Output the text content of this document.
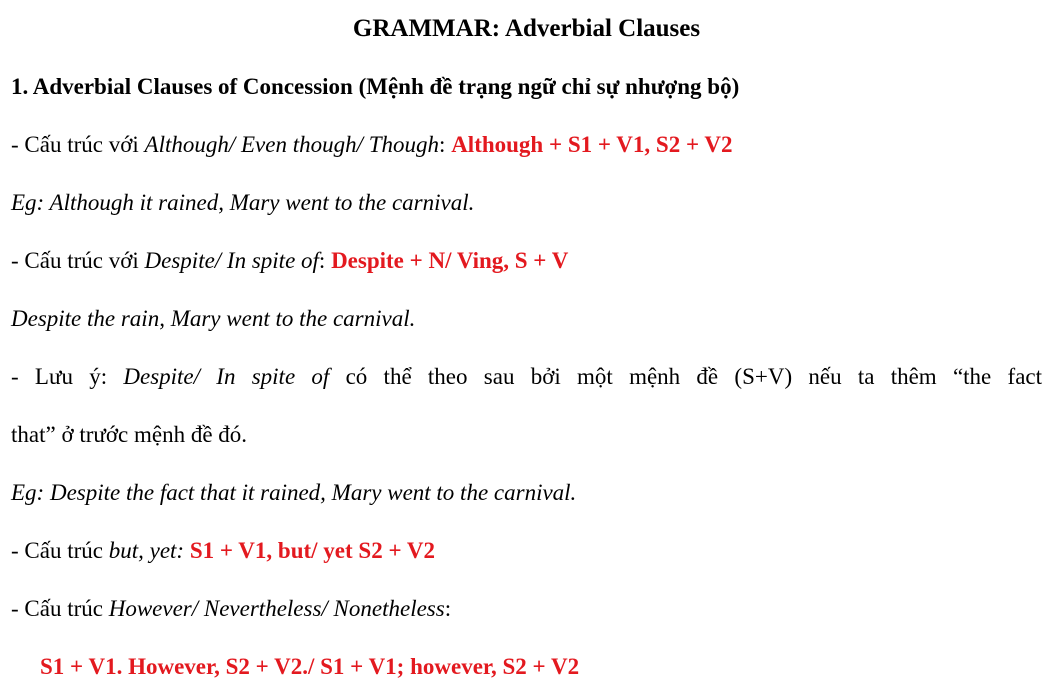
GRAMMAR: Adverbial Clauses

1. Adverbial Clauses of Concession (Mệnh đề trạng ngữ chỉ sự nhượng bộ)

- Cấu trúc với Although/ Even though/ Though: Although + S1 + V1, S2 + V2

Eg: Although it rained, Mary went to the carnival.

- Cấu trúc với Despite/ In spite of: Despite + N/ Ving, S + V

Despite the rain, Mary went to the carnival.

- Lưu ý: Despite/ In spite of có thể theo sau bởi một mệnh đề (S+V) nếu ta thêm “the fact

that” ở trước mệnh đề đó.

Eg: Despite the fact that it rained, Mary went to the carnival.

- Cấu trúc but, yet: S1 + V1, but/ yet S2 + V2

- Cấu trúc However/ Nevertheless/ Nonetheless:

S1 + V1. However, S2 + V2./ S1 + V1; however, S2 + V2
